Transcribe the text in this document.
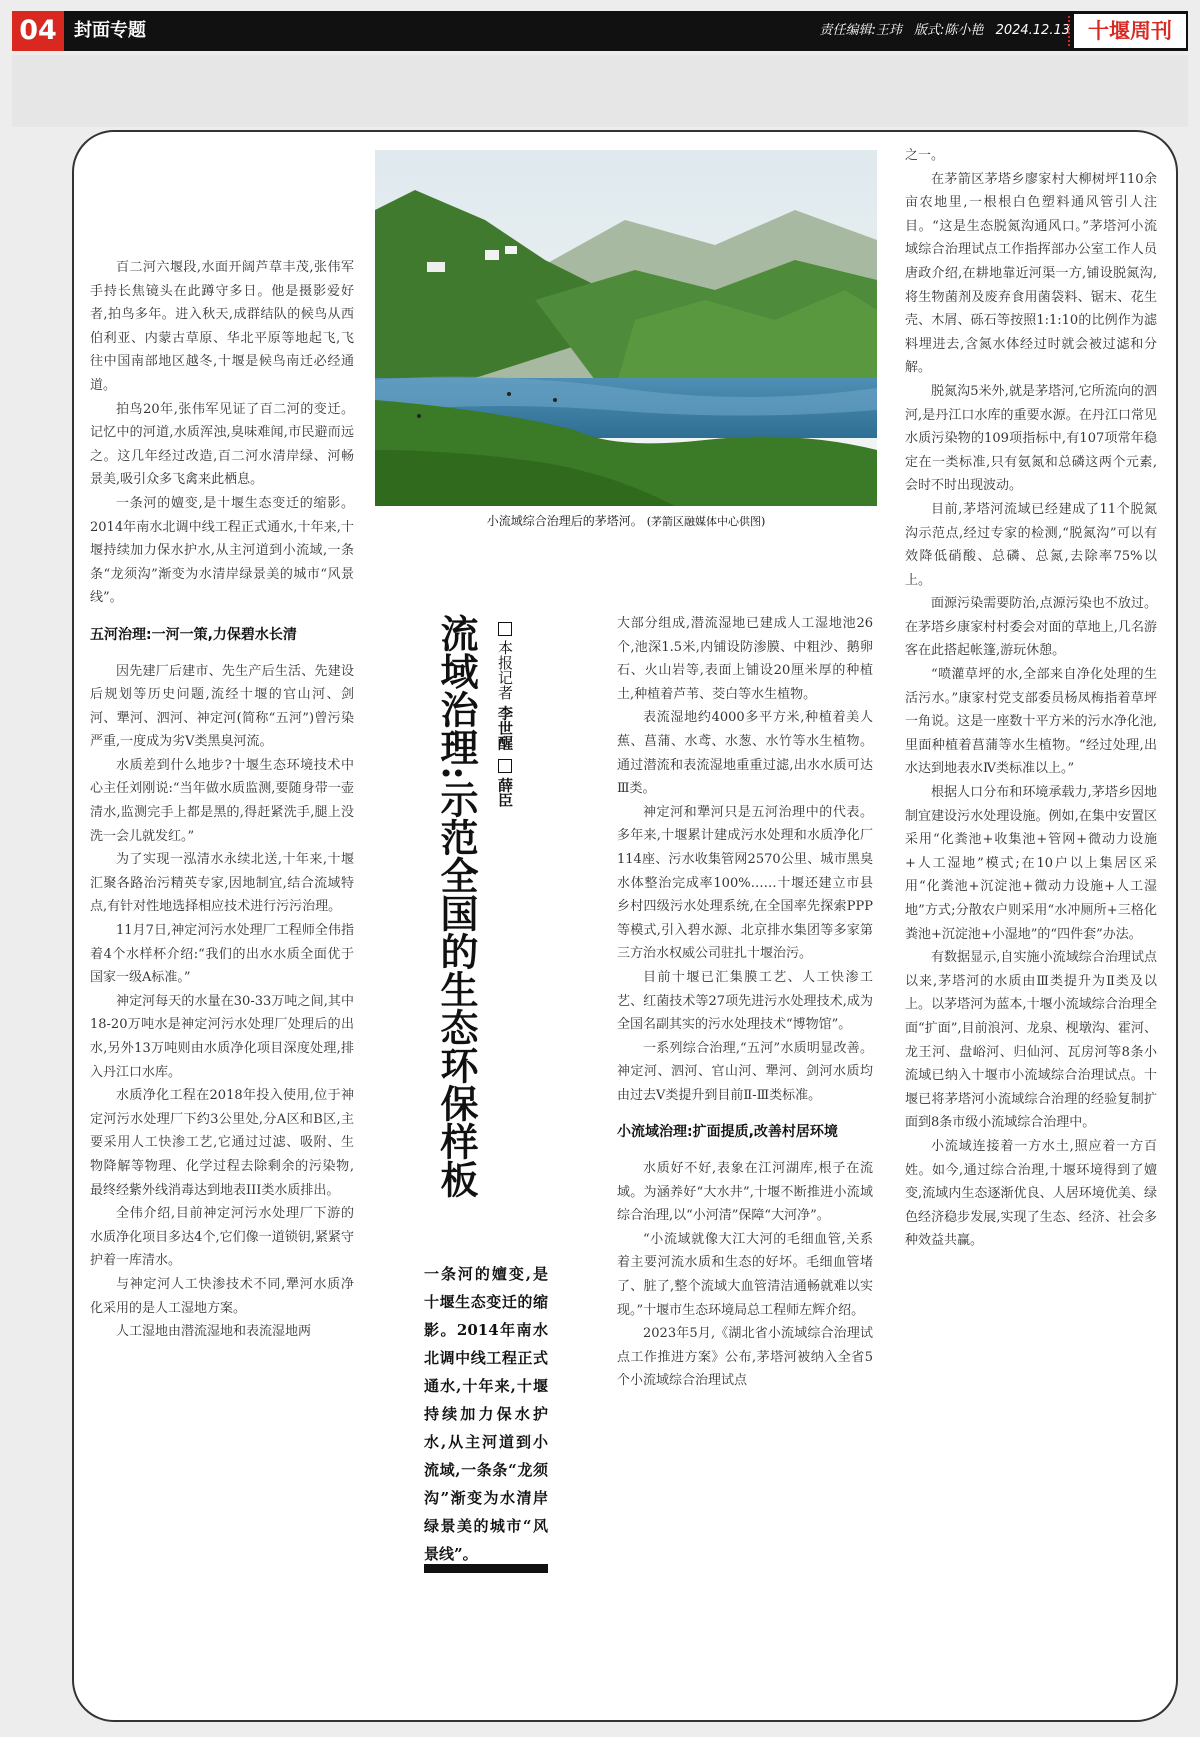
04 封面专题	责任编辑:王玮 版式:陈小艳 2024.12.13 十堰周刊
小流域综合治理后的茅塔河。 (茅箭区融媒体中心供图)
流域治理:示范全国的生态环保样板	本报记者 李世醒 薛臣
一条河的嬗变,是十堰生态变迁的缩影。2014年南水北调中线工程正式通水,十年来,十堰持续加力保水护水,从主河道到小流域,一条条“龙须沟”渐变为水清岸绿景美的城市“风景线”。

百二河六堰段,水面开阔芦草丰茂,张伟军手持长焦镜头在此蹲守多日。他是摄影爱好者,拍鸟多年。进入秋天,成群结队的候鸟从西伯利亚、内蒙古草原、华北平原等地起飞,飞往中国南部地区越冬,十堰是候鸟南迁必经通道。

拍鸟20年,张伟军见证了百二河的变迁。记忆中的河道,水质浑浊,臭味难闻,市民避而远之。这几年经过改造,百二河水清岸绿、河畅景美,吸引众多飞禽来此栖息。

一条河的嬗变,是十堰生态变迁的缩影。2014年南水北调中线工程正式通水,十年来,十堰持续加力保水护水,从主河道到小流域,一条条“龙须沟”渐变为水清岸绿景美的城市“风景线”。

五河治理:一河一策,力保碧水长清

因先建厂后建市、先生产后生活、先建设后规划等历史问题,流经十堰的官山河、剑河、犟河、泗河、神定河(简称“五河”)曾污染严重,一度成为劣V类黑臭河流。

水质差到什么地步?十堰生态环境技术中心主任刘刚说:“当年做水质监测,要随身带一壶清水,监测完手上都是黑的,得赶紧洗手,腿上没洗一会儿就发红。”

为了实现一泓清水永续北送,十年来,十堰汇聚各路治污精英专家,因地制宜,结合流域特点,有针对性地选择相应技术进行污污治理。

11月7日,神定河污水处理厂工程师全伟指着4个水样杯介绍:“我们的出水水质全面优于国家一级A标准。”

神定河每天的水量在30-33万吨之间,其中18-20万吨水是神定河污水处理厂处理后的出水,另外13万吨则由水质净化项目深度处理,排入丹江口水库。

水质净化工程在2018年投入使用,位于神定河污水处理厂下约3公里处,分A区和B区,主要采用人工快渗工艺,它通过过滤、吸附、生物降解等物理、化学过程去除剩余的污染物,最终经紫外线消毒达到地表III类水质排出。

全伟介绍,目前神定河污水处理厂下游的水质净化项目多达4个,它们像一道锁钥,紧紧守护着一库清水。

与神定河人工快渗技术不同,犟河水质净化采用的是人工湿地方案。

人工湿地由潜流湿地和表流湿地两

大部分组成,潜流湿地已建成人工湿地池26个,池深1.5米,内铺设防渗膜、中粗沙、鹅卵石、火山岩等,表面上铺设20厘米厚的种植土,种植着芦苇、茭白等水生植物。

表流湿地约4000多平方米,种植着美人蕉、菖蒲、水鸢、水葱、水竹等水生植物。通过潜流和表流湿地重重过滤,出水水质可达Ⅲ类。

神定河和犟河只是五河治理中的代表。多年来,十堰累计建成污水处理和水质净化厂114座、污水收集管网2570公里、城市黑臭水体整治完成率100%……十堰还建立市县乡村四级污水处理系统,在全国率先探索PPP等模式,引入碧水源、北京排水集团等多家第三方治水权威公司驻扎十堰治污。

目前十堰已汇集膜工艺、人工快渗工艺、红菌技术等27项先进污水处理技术,成为全国名副其实的污水处理技术“博物馆”。

一系列综合治理,“五河”水质明显改善。神定河、泗河、官山河、犟河、剑河水质均由过去V类提升到目前Ⅱ-Ⅲ类标准。

小流域治理:扩面提质,改善村居环境

水质好不好,表象在江河湖库,根子在流域。为涵养好“大水井”,十堰不断推进小流域综合治理,以“小河清”保障“大河净”。

“小流域就像大江大河的毛细血管,关系着主要河流水质和生态的好坏。毛细血管堵了、脏了,整个流域大血管清洁通畅就难以实现。”十堰市生态环境局总工程师左辉介绍。

2023年5月,《湖北省小流域综合治理试点工作推进方案》公布,茅塔河被纳入全省5个小流域综合治理试点

之一。

在茅箭区茅塔乡廖家村大柳树坪110余亩农地里,一根根白色塑料通风管引人注目。“这是生态脱氮沟通风口。”茅塔河小流域综合治理试点工作指挥部办公室工作人员唐政介绍,在耕地靠近河渠一方,铺设脱氮沟,将生物菌剂及废弃食用菌袋料、锯末、花生壳、木屑、砾石等按照1:1:10的比例作为滤料埋进去,含氮水体经过时就会被过滤和分解。

脱氮沟5米外,就是茅塔河,它所流向的泗河,是丹江口水库的重要水源。在丹江口常见水质污染物的109项指标中,有107项常年稳定在一类标准,只有氨氮和总磷这两个元素,会时不时出现波动。

目前,茅塔河流域已经建成了11个脱氮沟示范点,经过专家的检测,“脱氮沟”可以有效降低硝酸、总磷、总氮,去除率75%以上。

面源污染需要防治,点源污染也不放过。在茅塔乡康家村村委会对面的草地上,几名游客在此搭起帐篷,游玩休憩。

“喷灌草坪的水,全部来自净化处理的生活污水。”康家村党支部委员杨凤梅指着草坪一角说。这是一座数十平方米的污水净化池,里面种植着菖蒲等水生植物。“经过处理,出水达到地表水Ⅳ类标准以上。”

根据人口分布和环境承载力,茅塔乡因地制宜建设污水处理设施。例如,在集中安置区采用“化粪池+收集池+管网+微动力设施+人工湿地”模式;在10户以上集居区采用“化粪池+沉淀池+微动力设施+人工湿地”方式;分散农户则采用“水冲厕所+三格化粪池+沉淀池+小湿地”的“四件套”办法。

有数据显示,自实施小流域综合治理试点以来,茅塔河的水质由Ⅲ类提升为Ⅱ类及以上。以茅塔河为蓝本,十堰小流域综合治理全面“扩面”,目前浪河、龙泉、枧墩沟、霍河、龙王河、盘峪河、归仙河、瓦房河等8条小流域已纳入十堰市小流域综合治理试点。十堰已将茅塔河小流域综合治理的经验复制扩面到8条市级小流域综合治理中。

小流域连接着一方水土,照应着一方百姓。如今,通过综合治理,十堰环境得到了嬗变,流域内生态逐渐优良、人居环境优美、绿色经济稳步发展,实现了生态、经济、社会多种效益共赢。
